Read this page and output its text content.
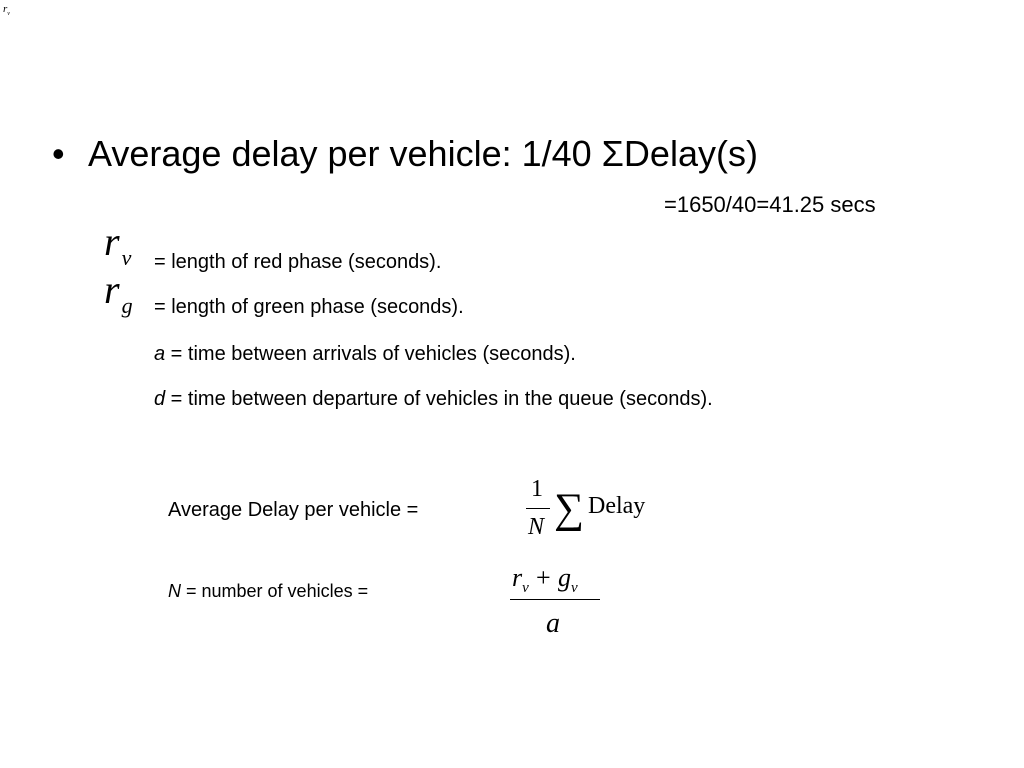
$r_v$
• Average delay per vehicle: 1/40 ΣDelay(s)
=1650/40=41.25 secs
$r_v$ = length of red phase (seconds).
$r_g$ = length of green phase (seconds).
a = time between arrivals of vehicles (seconds).
d = time between departure of vehicles in the queue (seconds).
Average Delay per vehicle =
1
N ∑ Delay
N = number of vehicles =	$r_v + g_v$
a
